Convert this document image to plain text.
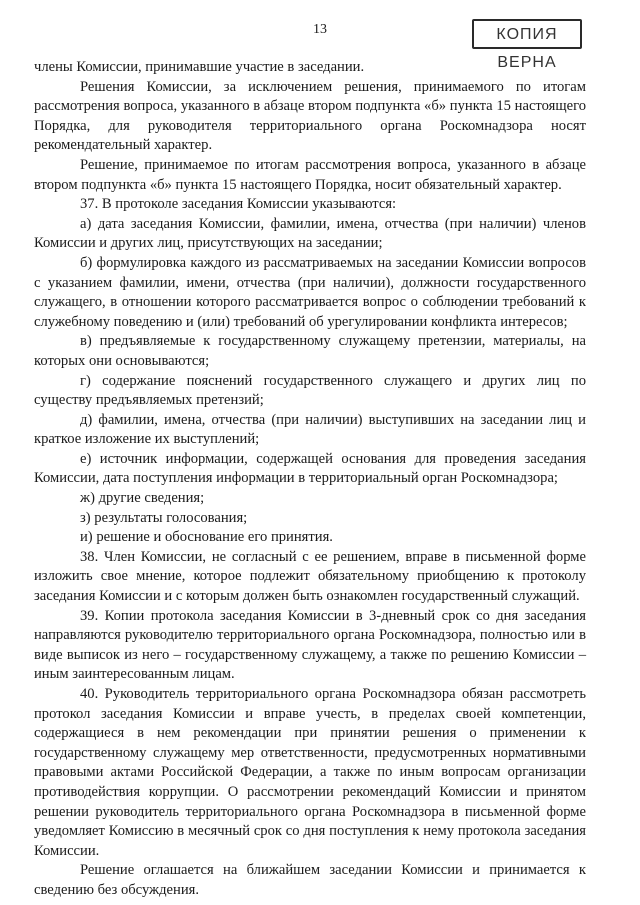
13	КОПИЯ ВЕРНА

члены Комиссии, принимавшие участие в заседании.

Решения Комиссии, за исключением решения, принимаемого по итогам рассмотрения вопроса, указанного в абзаце втором подпункта «б» пункта 15 настоящего Порядка, для руководителя территориального органа Роскомнадзора носят рекомендательный характер.

Решение, принимаемое по итогам рассмотрения вопроса, указанного в абзаце втором подпункта «б» пункта 15 настоящего Порядка, носит обязательный характер.

37. В протоколе заседания Комиссии указываются:

а) дата заседания Комиссии, фамилии, имена, отчества (при наличии) членов Комиссии и других лиц, присутствующих на заседании;

б) формулировка каждого из рассматриваемых на заседании Комиссии вопросов с указанием фамилии, имени, отчества (при наличии), должности государственного служащего, в отношении которого рассматривается вопрос о соблюдении требований к служебному поведению и (или) требований об урегулировании конфликта интересов;

в) предъявляемые к государственному служащему претензии, материалы, на которых они основываются;

г) содержание пояснений государственного служащего и других лиц по существу предъявляемых претензий;

д) фамилии, имена, отчества (при наличии) выступивших на заседании лиц и краткое изложение их выступлений;

е) источник информации, содержащей основания для проведения заседания Комиссии, дата поступления информации в территориальный орган Роскомнадзора;

ж) другие сведения;

з) результаты голосования;

и) решение и обоснование его принятия.

38. Член Комиссии, не согласный с ее решением, вправе в письменной форме изложить свое мнение, которое подлежит обязательному приобщению к протоколу заседания Комиссии и с которым должен быть ознакомлен государственный служащий.

39. Копии протокола заседания Комиссии в 3-дневный срок со дня заседания направляются руководителю территориального органа Роскомнадзора, полностью или в виде выписок из него – государственному служащему, а также по решению Комиссии – иным заинтересованным лицам.

40. Руководитель территориального органа Роскомнадзора обязан рассмотреть протокол заседания Комиссии и вправе учесть, в пределах своей компетенции, содержащиеся в нем рекомендации при принятии решения о применении к государственному служащему мер ответственности, предусмотренных нормативными правовыми актами Российской Федерации, а также по иным вопросам организации противодействия коррупции. О рассмотрении рекомендаций Комиссии и принятом решении руководитель территориального органа Роскомнадзора в письменной форме уведомляет Комиссию в месячный срок со дня поступления к нему протокола заседания Комиссии.

Решение оглашается на ближайшем заседании Комиссии и принимается к сведению без обсуждения.
